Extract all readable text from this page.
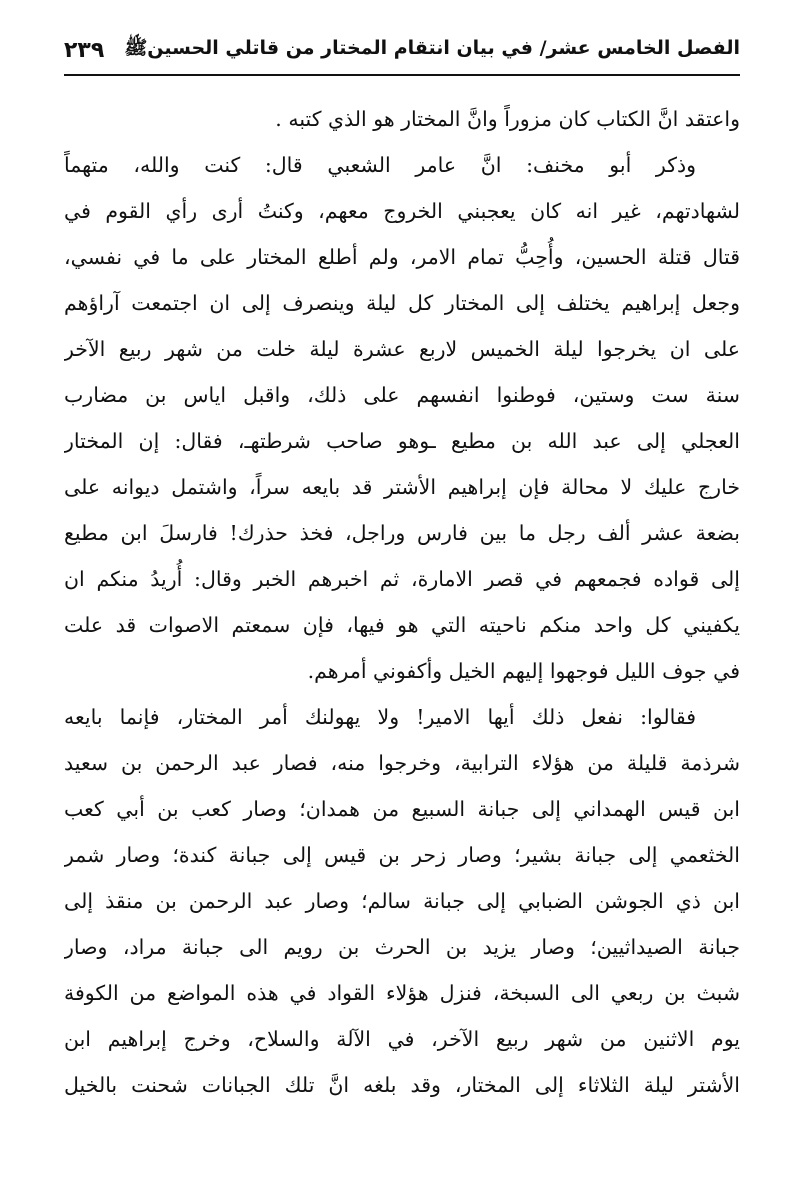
الفصل الخامس عشر/ في بيان انتقام المختار من قاتلي الحسينﷺ
٢٣٩
واعتقد انَّ الكتاب كان مزوراً وانَّ المختار هو الذي كتبه .
وذكر أبو مخنف: انَّ عامر الشعبي قال: كنت والله، متهماً
لشهادتهم، غير انه كان يعجبني الخروج معهم، وكنتُ أرى رأي القوم في
قتال قتلة الحسين، وأُحِبُّ تمام الامر، ولم أطلع المختار على ما في نفسي،
وجعل إبراهيم يختلف إلى المختار كل ليلة وينصرف إلى ان اجتمعت آراؤهم
على ان يخرجوا ليلة الخميس لاربع عشرة ليلة خلت من شهر ربيع الآخر
سنة ست وستين، فوطنوا انفسهم على ذلك، واقبل اياس بن مضارب
العجلي إلى عبد الله بن مطيع ـوهو صاحب شرطتهـ، فقال: إن المختار
خارج عليك لا محالة فإن إبراهيم الأشتر قد بايعه سراً، واشتمل ديوانه على
بضعة عشر ألف رجل ما بين فارس وراجل، فخذ حذرك! فارسلَ ابن مطيع
إلى قواده فجمعهم في قصر الامارة، ثم اخبرهم الخبر وقال: أُريدُ منكم ان
يكفيني كل واحد منكم ناحيته التي هو فيها، فإن سمعتم الاصوات قد علت
في جوف الليل فوجهوا إليهم الخيل وأكفوني أمرهم.
فقالوا: نفعل ذلك أيها الامير! ولا يهولنك أمر المختار، فإنما بايعه
شرذمة قليلة من هؤلاء الترابية، وخرجوا منه، فصار عبد الرحمن بن سعيد
ابن قيس الهمداني إلى جبانة السبيع من همدان؛ وصار كعب بن أبي كعب
الخثعمي إلى جبانة بشير؛ وصار زحر بن قيس إلى جبانة كندة؛ وصار شمر
ابن ذي الجوشن الضبابي إلى جبانة سالم؛ وصار عبد الرحمن بن منقذ إلى
جبانة الصيداثيين؛ وصار يزيد بن الحرث بن رويم الى جبانة مراد، وصار
شبث بن ربعي الى السبخة، فنزل هؤلاء القواد في هذه المواضع من الكوفة
يوم الاثنين من شهر ربيع الآخر، في الآلة والسلاح، وخرج إبراهيم ابن
الأشتر ليلة الثلاثاء إلى المختار، وقد بلغه انَّ تلك الجبانات شحنت بالخيل
